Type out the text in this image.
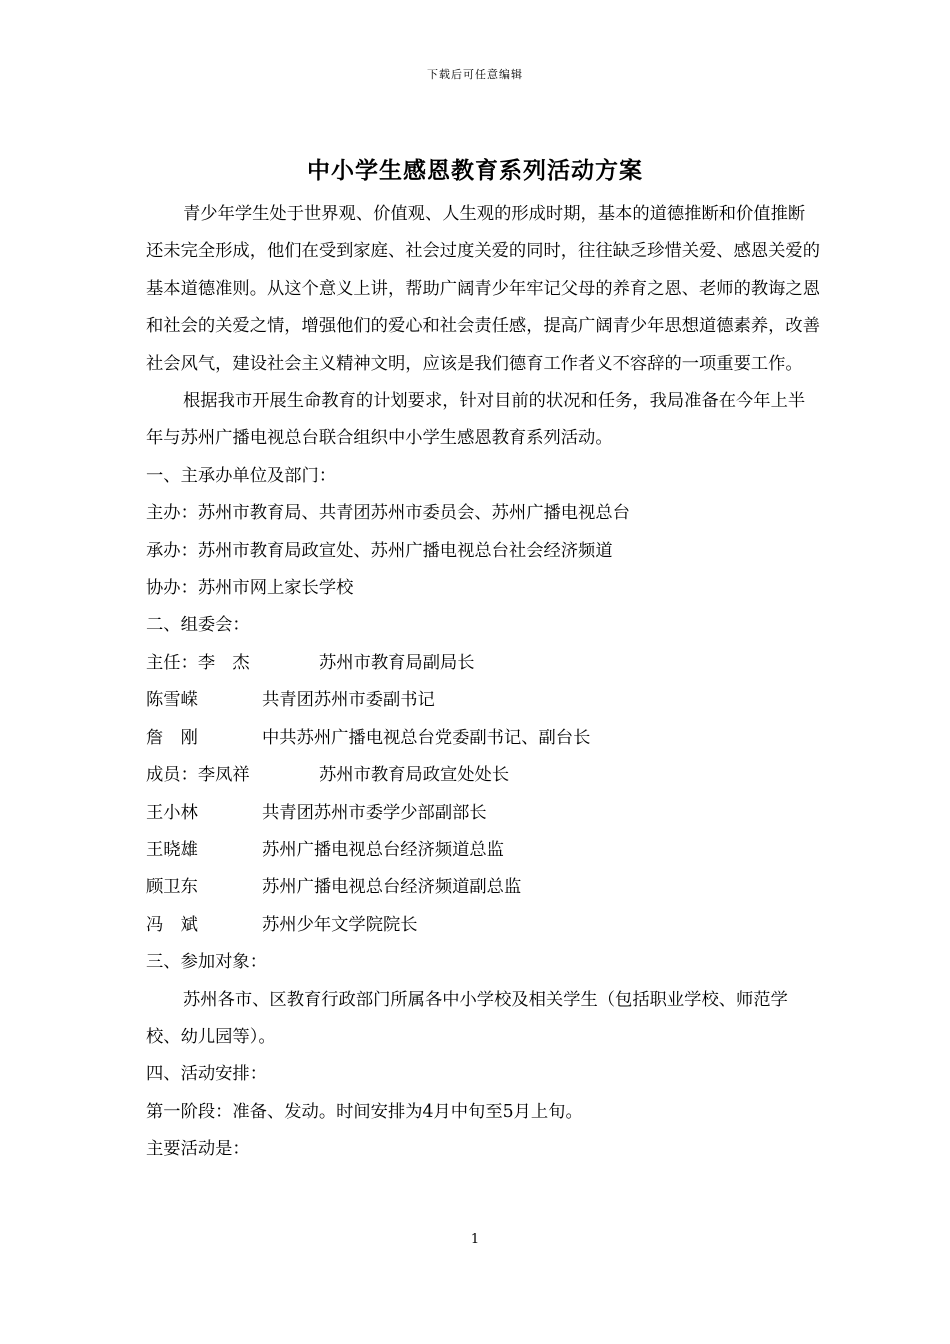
下载后可任意编辑
中小学生感恩教育系列活动方案

青少年学生处于世界观、价值观、人生观的形成时期，基本的道德推断和价值推断还未完全形成，他们在受到家庭、社会过度关爱的同时，往往缺乏珍惜关爱、感恩关爱的基本道德准则。从这个意义上讲，帮助广阔青少年牢记父母的养育之恩、老师的教诲之恩和社会的关爱之情，增强他们的爱心和社会责任感，提高广阔青少年思想道德素养，改善社会风气，建设社会主义精神文明，应该是我们德育工作者义不容辞的一项重要工作。

根据我市开展生命教育的计划要求，针对目前的状况和任务，我局准备在今年上半年与苏州广播电视总台联合组织中小学生感恩教育系列活动。

一、主承办单位及部门：

主办：苏州市教育局、共青团苏州市委员会、苏州广播电视总台

承办：苏州市教育局政宣处、苏州广播电视总台社会经济频道

协办：苏州市网上家长学校

二、组委会：

主任：李　杰	苏州市教育局副局长

陈雪嵘	共青团苏州市委副书记

詹　刚	中共苏州广播电视总台党委副书记、副台长

成员：李凤祥	苏州市教育局政宣处处长

王小林	共青团苏州市委学少部副部长

王晓雄	苏州广播电视总台经济频道总监

顾卫东	苏州广播电视总台经济频道副总监

冯　斌	苏州少年文学院院长

三、参加对象：

苏州各市、区教育行政部门所属各中小学校及相关学生（包括职业学校、师范学校、幼儿园等）。

四、活动安排：

第一阶段：准备、发动。时间安排为4月中旬至5月上旬。

主要活动是：

1
